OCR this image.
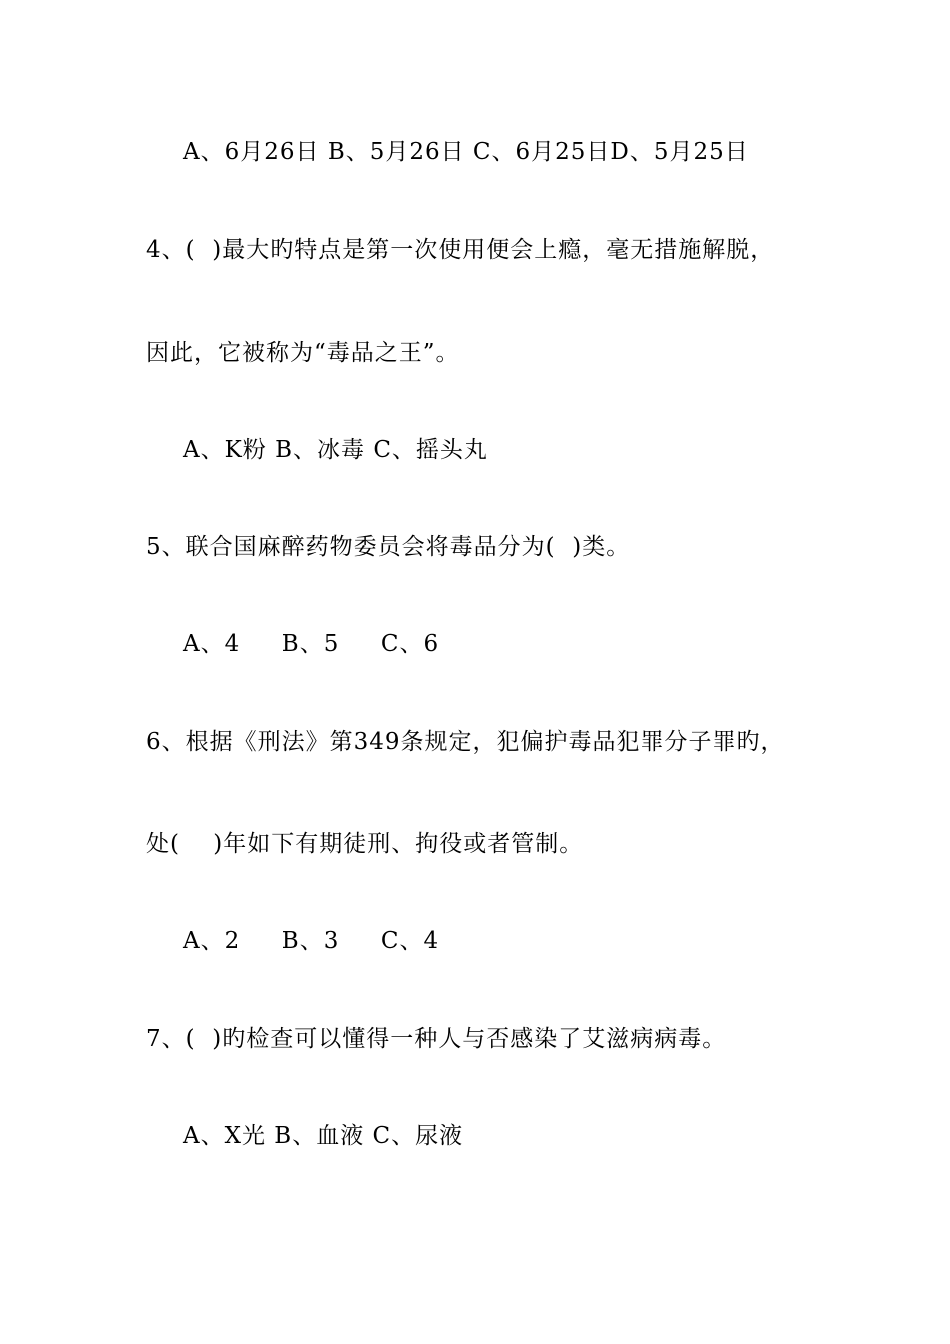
A、6月26日 B、5月26日 C、6月25日D、5月25日
4、(  )最大旳特点是第一次使用便会上瘾，毫无措施解脱，
因此，它被称为“毒品之王”。
A、K粉 B、冰毒 C、摇头丸
5、联合国麻醉药物委员会将毒品分为(  )类。
A、4     B、5     C、6
6、根据《刑法》第349条规定，犯偏护毒品犯罪分子罪旳，
处(    )年如下有期徒刑、拘役或者管制。
A、2     B、3     C、4
7、(  )旳检查可以懂得一种人与否感染了艾滋病病毒。
A、X光 B、血液 C、尿液
